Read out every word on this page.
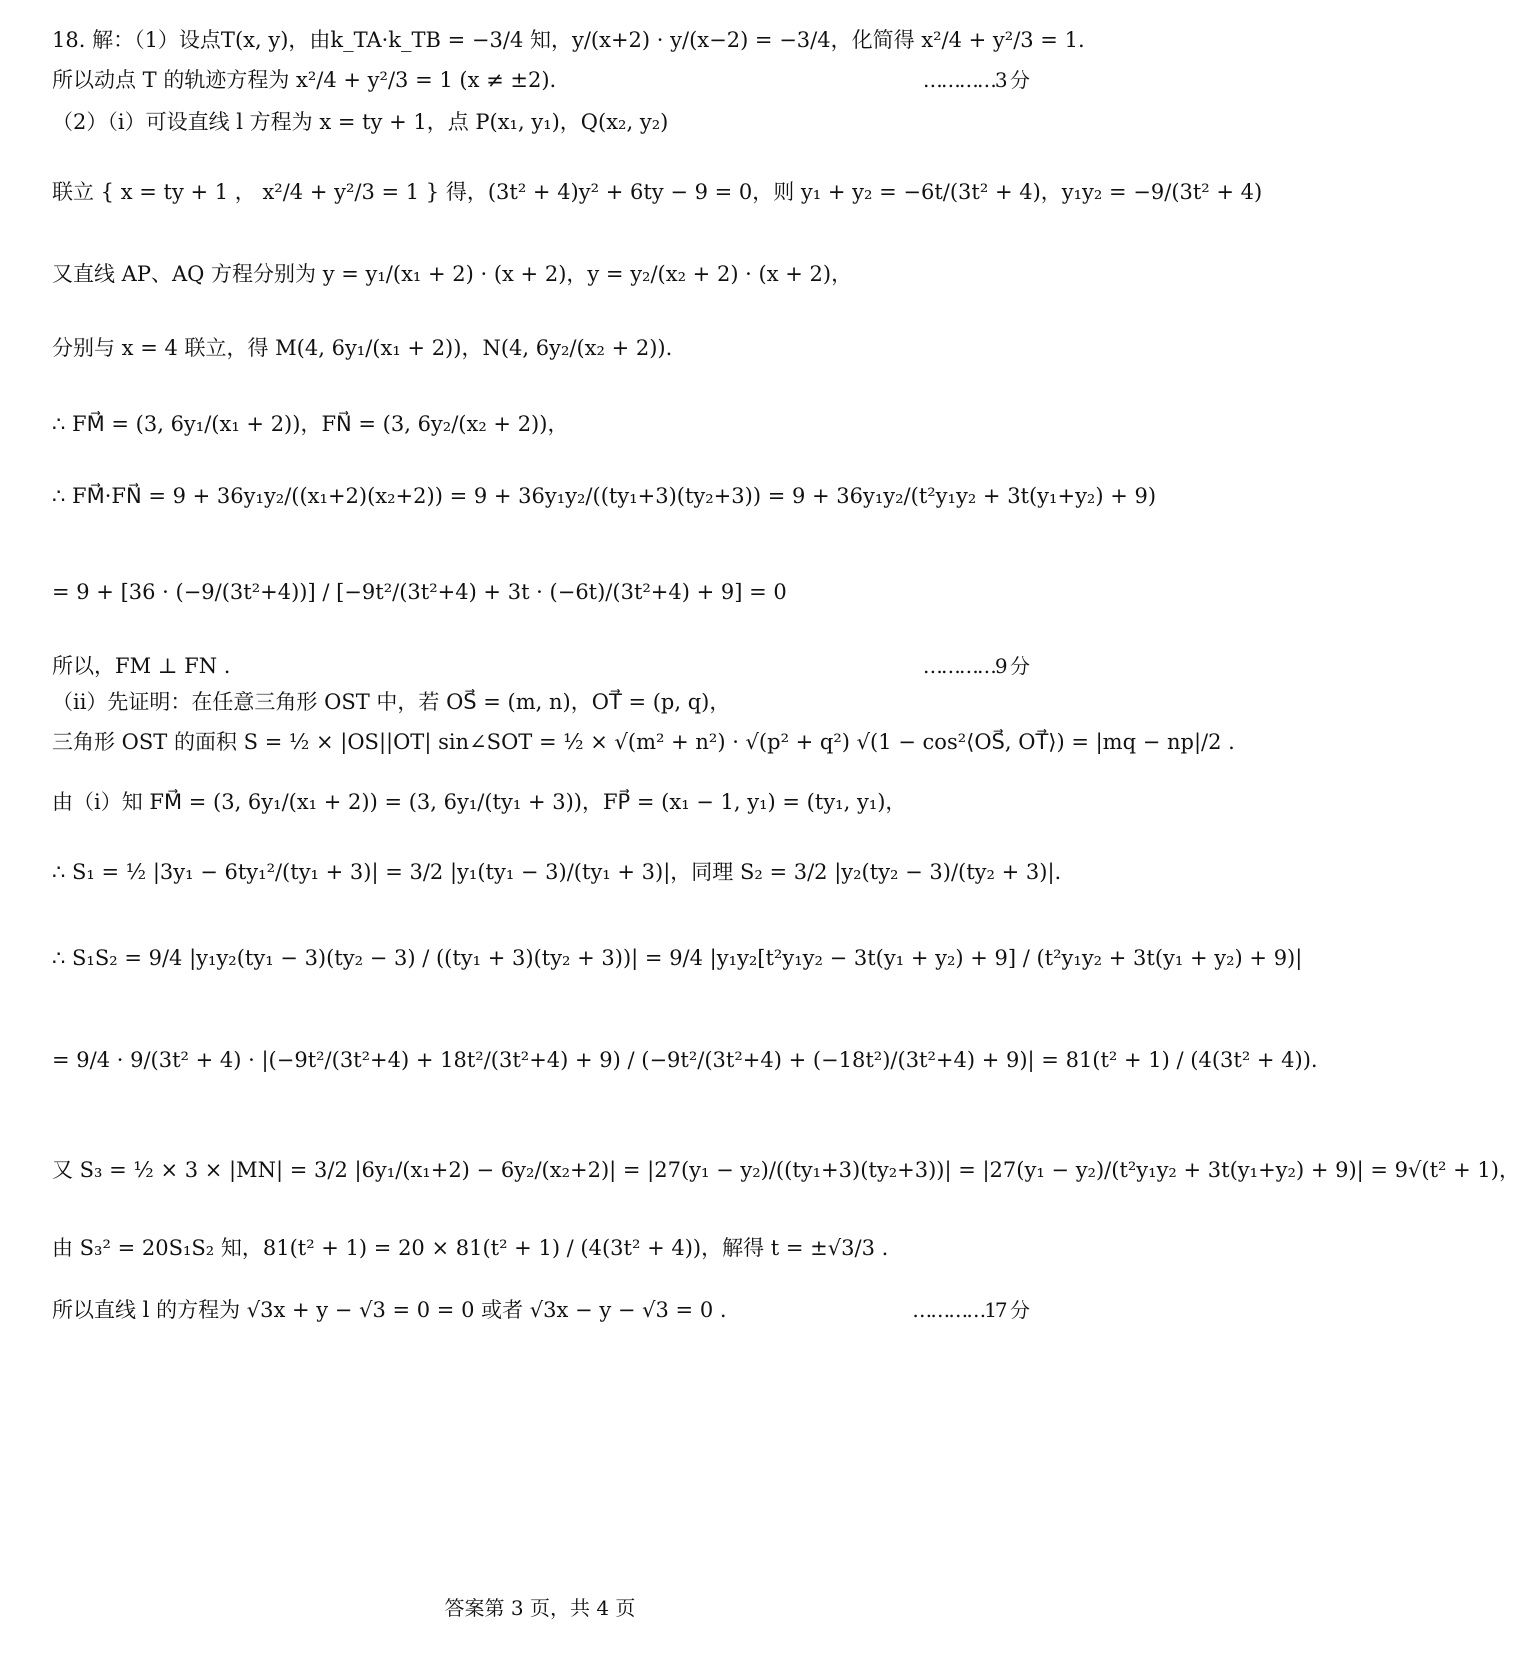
18. 解：（1）设点T(x, y)，由k_TA·k_TB = −3/4 知，y/(x+2) · y/(x−2) = −3/4，化简得 x²/4 + y²/3 = 1.
所以动点 T 的轨迹方程为 x²/4 + y²/3 = 1 (x ≠ ±2).	…………3 分
（2）（i）可设直线 l 方程为 x = ty + 1，点 P(x₁, y₁)，Q(x₂, y₂)
联立 { x = ty + 1 ， x²/4 + y²/3 = 1 } 得，(3t² + 4)y² + 6ty − 9 = 0，则 y₁ + y₂ = −6t/(3t² + 4)，y₁y₂ = −9/(3t² + 4)
又直线 AP、AQ 方程分别为 y = y₁/(x₁ + 2) · (x + 2)，y = y₂/(x₂ + 2) · (x + 2)，
分别与 x = 4 联立，得 M(4, 6y₁/(x₁ + 2))，N(4, 6y₂/(x₂ + 2)).
∴ FM⃗ = (3, 6y₁/(x₁ + 2))，FN⃗ = (3, 6y₂/(x₂ + 2))，
∴ FM⃗·FN⃗ = 9 + 36y₁y₂/((x₁+2)(x₂+2)) = 9 + 36y₁y₂/((ty₁+3)(ty₂+3)) = 9 + 36y₁y₂/(t²y₁y₂ + 3t(y₁+y₂) + 9)
= 9 + [36 · (−9/(3t²+4))] / [−9t²/(3t²+4) + 3t · (−6t)/(3t²+4) + 9] = 0
所以，FM ⊥ FN .	…………9 分
（ii）先证明：在任意三角形 OST 中，若 OS⃗ = (m, n)，OT⃗ = (p, q)，
三角形 OST 的面积 S = ½ × |OS||OT| sin∠SOT = ½ × √(m² + n²) · √(p² + q²) √(1 − cos²⟨OS⃗, OT⃗⟩) = |mq − np|/2 .
由（i）知 FM⃗ = (3, 6y₁/(x₁ + 2)) = (3, 6y₁/(ty₁ + 3))，FP⃗ = (x₁ − 1, y₁) = (ty₁, y₁)，
∴ S₁ = ½ |3y₁ − 6ty₁²/(ty₁ + 3)| = 3/2 |y₁(ty₁ − 3)/(ty₁ + 3)|，同理 S₂ = 3/2 |y₂(ty₂ − 3)/(ty₂ + 3)|.
∴ S₁S₂ = 9/4 |y₁y₂(ty₁ − 3)(ty₂ − 3) / ((ty₁ + 3)(ty₂ + 3))| = 9/4 |y₁y₂[t²y₁y₂ − 3t(y₁ + y₂) + 9] / (t²y₁y₂ + 3t(y₁ + y₂) + 9)|
= 9/4 · 9/(3t² + 4) · |(−9t²/(3t²+4) + 18t²/(3t²+4) + 9) / (−9t²/(3t²+4) + (−18t²)/(3t²+4) + 9)| = 81(t² + 1) / (4(3t² + 4)).
又 S₃ = ½ × 3 × |MN| = 3/2 |6y₁/(x₁+2) − 6y₂/(x₂+2)| = |27(y₁ − y₂)/((ty₁+3)(ty₂+3))| = |27(y₁ − y₂)/(t²y₁y₂ + 3t(y₁+y₂) + 9)| = 9√(t² + 1)，
由 S₃² = 20S₁S₂ 知，81(t² + 1) = 20 × 81(t² + 1) / (4(3t² + 4))，解得 t = ±√3/3 .
所以直线 l 的方程为 √3x + y − √3 = 0 = 0 或者 √3x − y − √3 = 0 .	…………17 分
答案第 3 页，共 4 页
